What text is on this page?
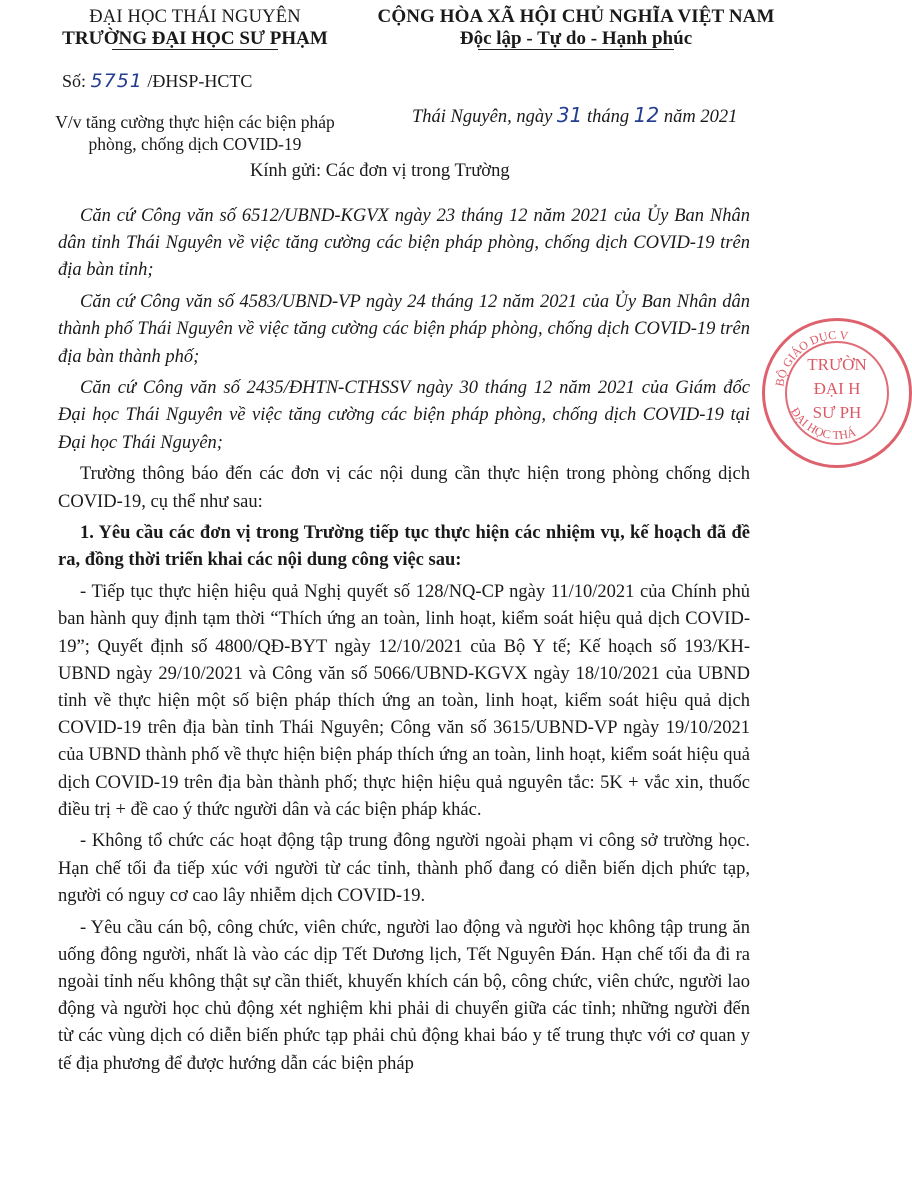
ĐẠI HỌC THÁI NGUYÊN
TRƯỜNG ĐẠI HỌC SƯ PHẠM
CỘNG HÒA XÃ HỘI CHỦ NGHĨA VIỆT NAM
Độc lập - Tự do - Hạnh phúc
Số: 5751 /ĐHSP-HCTC
V/v tăng cường thực hiện các biện pháp
phòng, chống dịch COVID-19
Thái Nguyên, ngày 31 tháng 12 năm 2021
Kính gửi: Các đơn vị trong Trường

Căn cứ Công văn số 6512/UBND-KGVX ngày 23 tháng 12 năm 2021 của Ủy Ban Nhân dân tỉnh Thái Nguyên về việc tăng cường các biện pháp phòng, chống dịch COVID-19 trên địa bàn tỉnh;

Căn cứ Công văn số 4583/UBND-VP ngày 24 tháng 12 năm 2021 của Ủy Ban Nhân dân thành phố Thái Nguyên về việc tăng cường các biện pháp phòng, chống dịch COVID-19 trên địa bàn thành phố;

Căn cứ Công văn số 2435/ĐHTN-CTHSSV ngày 30 tháng 12 năm 2021 của Giám đốc Đại học Thái Nguyên về việc tăng cường các biện pháp phòng, chống dịch COVID-19 tại Đại học Thái Nguyên;

Trường thông báo đến các đơn vị các nội dung cần thực hiện trong phòng chống dịch COVID-19, cụ thể như sau:

1. Yêu cầu các đơn vị trong Trường tiếp tục thực hiện các nhiệm vụ, kế hoạch đã đề ra, đồng thời triển khai các nội dung công việc sau:

- Tiếp tục thực hiện hiệu quả Nghị quyết số 128/NQ-CP ngày 11/10/2021 của Chính phủ ban hành quy định tạm thời “Thích ứng an toàn, linh hoạt, kiểm soát hiệu quả dịch COVID-19”; Quyết định số 4800/QĐ-BYT ngày 12/10/2021 của Bộ Y tế; Kế hoạch số 193/KH-UBND ngày 29/10/2021 và Công văn số 5066/UBND-KGVX ngày 18/10/2021 của UBND tỉnh về thực hiện một số biện pháp thích ứng an toàn, linh hoạt, kiểm soát hiệu quả dịch COVID-19 trên địa bàn tỉnh Thái Nguyên; Công văn số 3615/UBND-VP ngày 19/10/2021 của UBND thành phố về thực hiện biện pháp thích ứng an toàn, linh hoạt, kiểm soát hiệu quả dịch COVID-19 trên địa bàn thành phố; thực hiện hiệu quả nguyên tắc: 5K + vắc xin, thuốc điều trị + đề cao ý thức người dân và các biện pháp khác.

- Không tổ chức các hoạt động tập trung đông người ngoài phạm vi công sở trường học. Hạn chế tối đa tiếp xúc với người từ các tỉnh, thành phố đang có diễn biến dịch phức tạp, người có nguy cơ cao lây nhiễm dịch COVID-19.

- Yêu cầu cán bộ, công chức, viên chức, người lao động và người học không tập trung ăn uống đông người, nhất là vào các dịp Tết Dương lịch, Tết Nguyên Đán. Hạn chế tối đa đi ra ngoài tỉnh nếu không thật sự cần thiết, khuyến khích cán bộ, công chức, viên chức, người lao động và người học chủ động xét nghiệm khi phải di chuyển giữa các tỉnh; những người đến từ các vùng dịch có diễn biến phức tạp phải chủ động khai báo y tế trung thực với cơ quan y tế địa phương để được hướng dẫn các biện pháp

BỘ GIÁO DỤC V
ĐẠI HỌC THÁ
TRƯỜN
ĐẠI H
SƯ PH
